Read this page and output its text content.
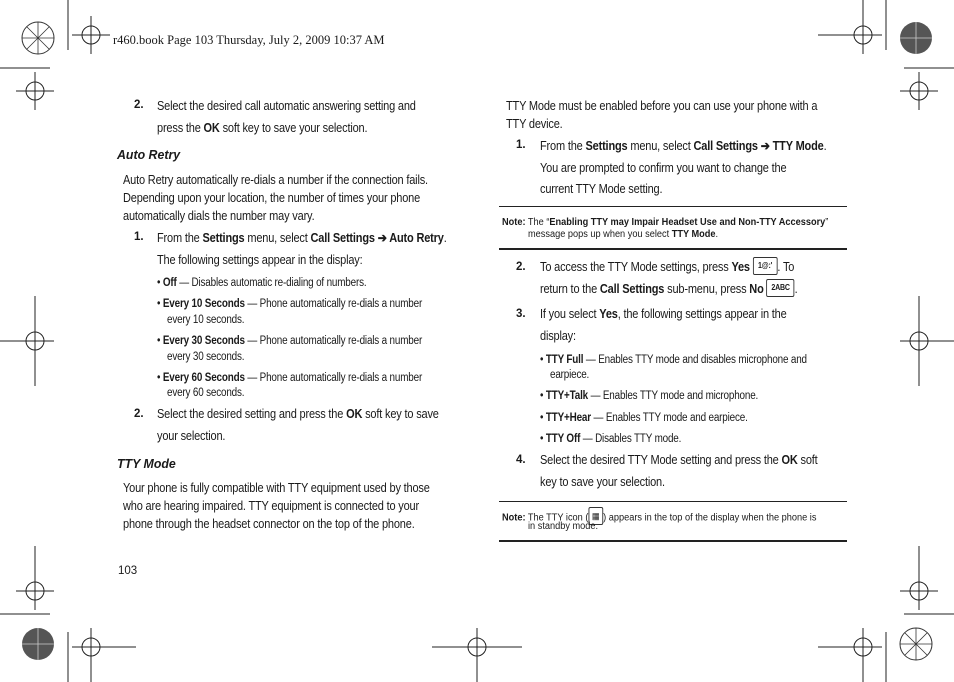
r460.book Page 103 Thursday, July 2, 2009 10:37 AM
2. Select the desired call automatic answering setting and
press the OK soft key to save your selection.
Auto Retry
Auto Retry automatically re-dials a number if the connection fails.
Depending upon your location, the number of times your phone
automatically dials the number may vary.
1. From the Settings menu, select Call Settings ➔ Auto Retry.
The following settings appear in the display:
• Off — Disables automatic re-dialing of numbers.
• Every 10 Seconds — Phone automatically re-dials a number
every 10 seconds.
• Every 30 Seconds — Phone automatically re-dials a number
every 30 seconds.
• Every 60 Seconds — Phone automatically re-dials a number
every 60 seconds.
2. Select the desired setting and press the OK soft key to save
your selection.
TTY Mode
Your phone is fully compatible with TTY equipment used by those
who are hearing impaired. TTY equipment is connected to your
phone through the headset connector on the top of the phone.
103
TTY Mode must be enabled before you can use your phone with a
TTY device.
1. From the Settings menu, select Call Settings ➔ TTY Mode.
You are prompted to confirm you want to change the
current TTY Mode setting.
Note: The “Enabling TTY may Impair Headset Use and Non-TTY Accessory”
message pops up when you select TTY Mode.
2. To access the TTY Mode settings, press Yes 1@:' . To
return to the Call Settings sub-menu, press No 2ABC .
3. If you select Yes, the following settings appear in the
display:
• TTY Full — Enables TTY mode and disables microphone and
earpiece.
• TTY+Talk — Enables TTY mode and microphone.
• TTY+Hear — Enables TTY mode and earpiece.
• TTY Off — Disables TTY mode.
4. Select the desired TTY Mode setting and press the OK soft
key to save your selection.
Note: The TTY icon ( ▦ ) appears in the top of the display when the phone is
in standby mode.
